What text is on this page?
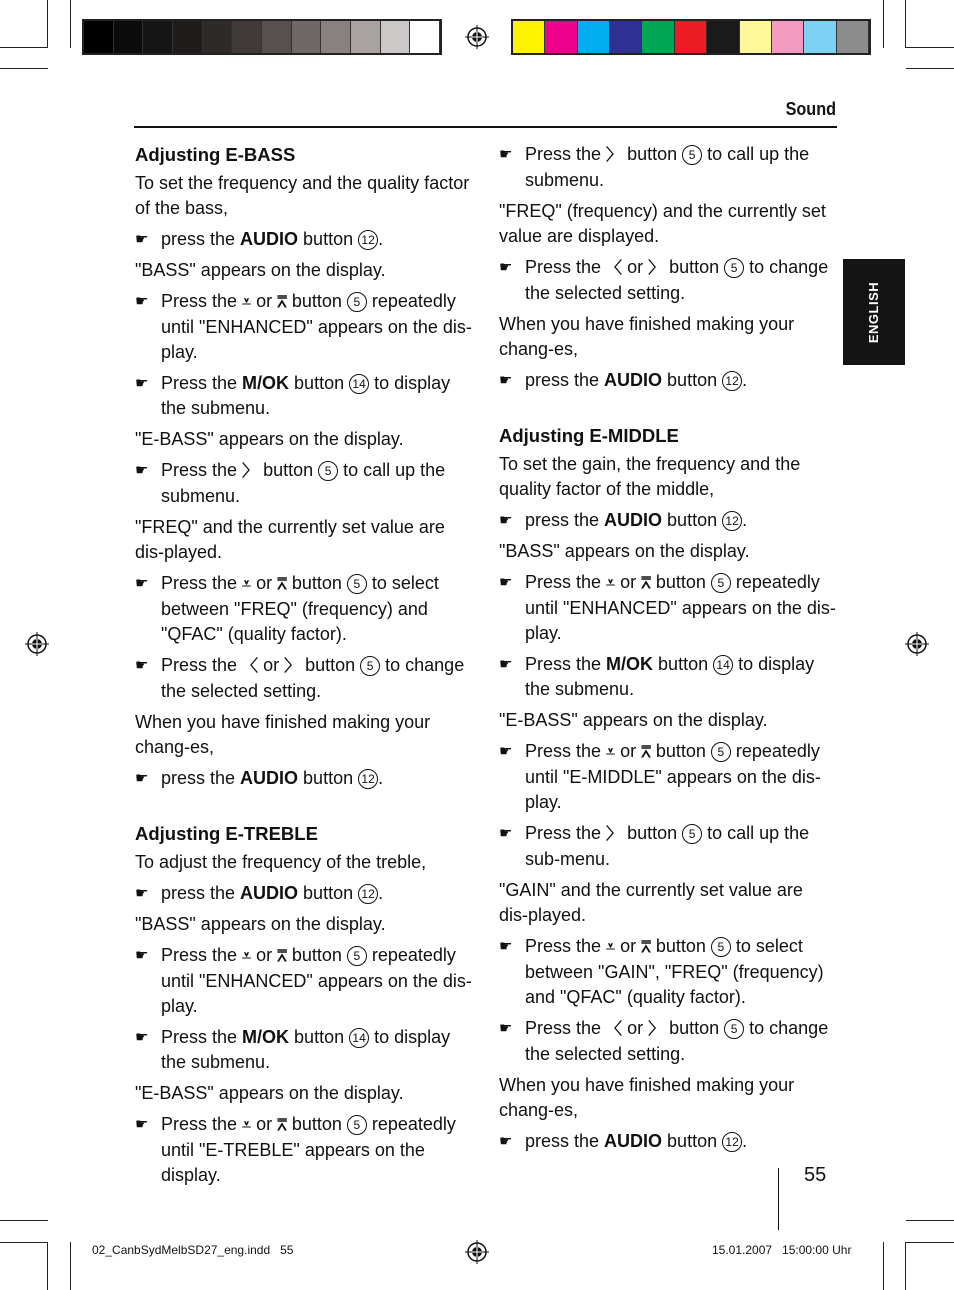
Sound
ENGLISH

Adjusting E-BASS

To set the frequency and the quality factor of the bass,

☛ press the AUDIO button 12 .

"BASS" appears on the display.

☛ Press the ⩡ or ⩞ button 5 repeatedly until "ENHANCED" appears on the dis-play.
☛ Press the M/OK button 14 to display the submenu.

"E-BASS" appears on the display.

☛ Press the 〉 button 5 to call up the submenu.

"FREQ" and the currently set value are dis-played.

☛ Press the ⩡ or ⩞ button 5 to select between "FREQ" (frequency) and "QFAC" (quality factor).
☛ Press the 〈 or 〉 button 5 to change the selected setting.

When you have finished making your chang-es,

☛ press the AUDIO button 12 .

Adjusting E-TREBLE

To adjust the frequency of the treble,

☛ press the AUDIO button 12 .

"BASS" appears on the display.

☛ Press the ⩡ or ⩞ button 5 repeatedly until "ENHANCED" appears on the dis-play.
☛ Press the M/OK button 14 to display the submenu.

"E-BASS" appears on the display.

☛ Press the ⩡ or ⩞ button 5 repeatedly until "E-TREBLE" appears on the display.
☛ Press the 〉 button 5 to call up the submenu.

"FREQ" (frequency) and the currently set value are displayed.

☛ Press the 〈 or 〉 button 5 to change the selected setting.

When you have finished making your chang-es,

☛ press the AUDIO button 12 .

Adjusting E-MIDDLE

To set the gain, the frequency and the quality factor of the middle,

☛ press the AUDIO button 12 .

"BASS" appears on the display.

☛ Press the ⩡ or ⩞ button 5 repeatedly until "ENHANCED" appears on the dis-play.
☛ Press the M/OK button 14 to display the submenu.

"E-BASS" appears on the display.

☛ Press the ⩡ or ⩞ button 5 repeatedly until "E-MIDDLE" appears on the dis-play.
☛ Press the 〉 button 5 to call up the sub-menu.

"GAIN" and the currently set value are dis-played.

☛ Press the ⩡ or ⩞ button 5 to select between "GAIN", "FREQ" (frequency) and "QFAC" (quality factor).
☛ Press the 〈 or 〉 button 5 to change the selected setting.

When you have finished making your chang-es,

☛ press the AUDIO button 12 .
55
02_CanbSydMelbSD27_eng.indd   55	15.01.2007   15:00:00 Uhr
